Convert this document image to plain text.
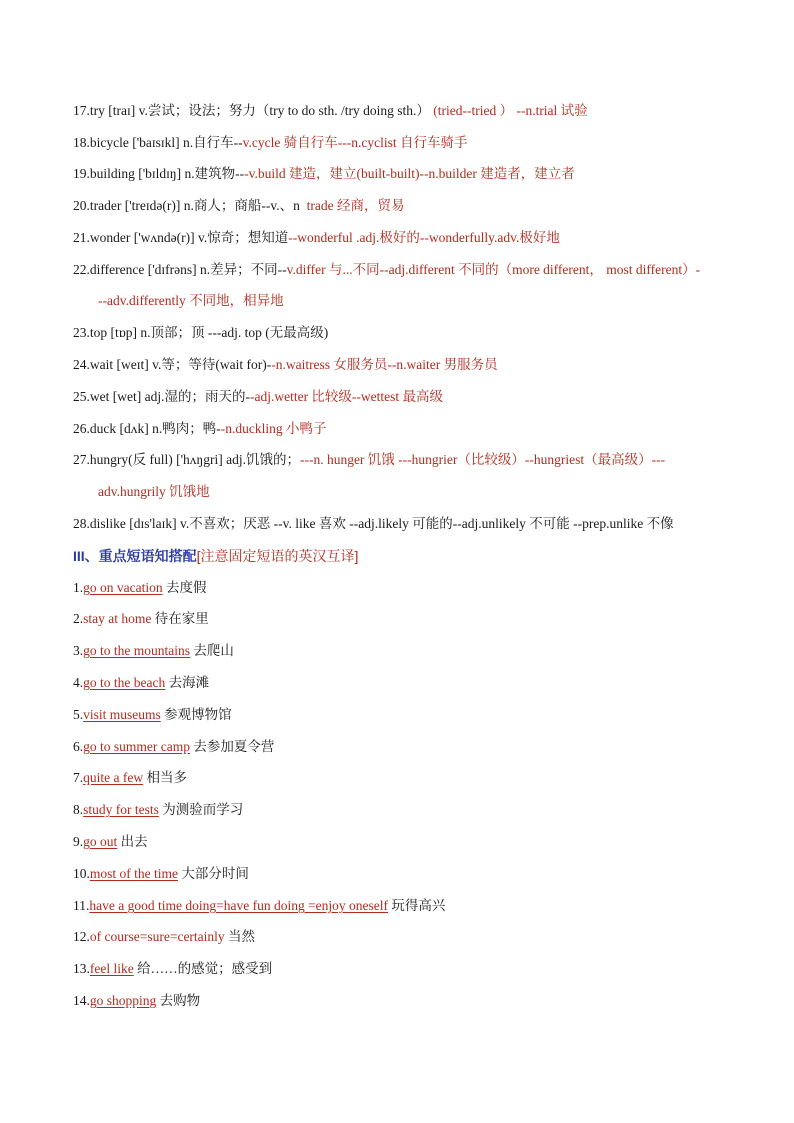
17.try [traɪ] v.尝试；设法；努力（try to do sth. /try doing sth.） (tried--tried ） --n.trial 试验
18.bicycle ['baɪsɪkl] n.自行车--v.cycle 骑自行车---n.cyclist 自行车骑手
19.building ['bɪldɪŋ] n.建筑物---v.build 建造，建立(built-built)--n.builder 建造者，建立者
20.trader ['treɪdə(r)] n.商人；商船--v.、n trade 经商，贸易
21.wonder ['wʌndə(r)] v.惊奇；想知道--wonderful .adj.极好的--wonderfully.adv.极好地
22.difference ['dɪfrəns] n.差异；不同--v.differ 与...不同--adj.different 不同的（more different， most different）-
--adv.differently 不同地，相异地
23.top [tɒp] n.顶部；顶 ---adj. top (无最高级)
24.wait [weɪt] v.等；等待(wait for)--n.waitress 女服务员--n.waiter 男服务员
25.wet [wet] adj.湿的；雨天的--adj.wetter 比较级--wettest 最高级
26.duck [dʌk] n.鸭肉；鸭--n.duckling 小鸭子
27.hungry(反 full) ['hʌŋgri] adj.饥饿的；---n. hunger 饥饿 ---hungrier（比较级）--hungriest（最高级）---
adv.hungrily 饥饿地
28.dislike [dɪs'laɪk] v.不喜欢；厌恶 --v. like 喜欢 --adj.likely 可能的--adj.unlikely 不可能 --prep.unlike 不像
III、重点短语知搭配[注意固定短语的英汉互译]
1.go on vacation 去度假
2.stay at home 待在家里
3.go to the mountains 去爬山
4.go to the beach 去海滩
5.visit museums 参观博物馆
6.go to summer camp 去参加夏令营
7.quite a few 相当多
8.study for tests 为测验而学习
9.go out 出去
10.most of the time 大部分时间
11.have a good time doing=have fun doing =enjoy oneself 玩得高兴
12.of course=sure=certainly 当然
13.feel like 给……的感觉；感受到
14.go shopping 去购物
